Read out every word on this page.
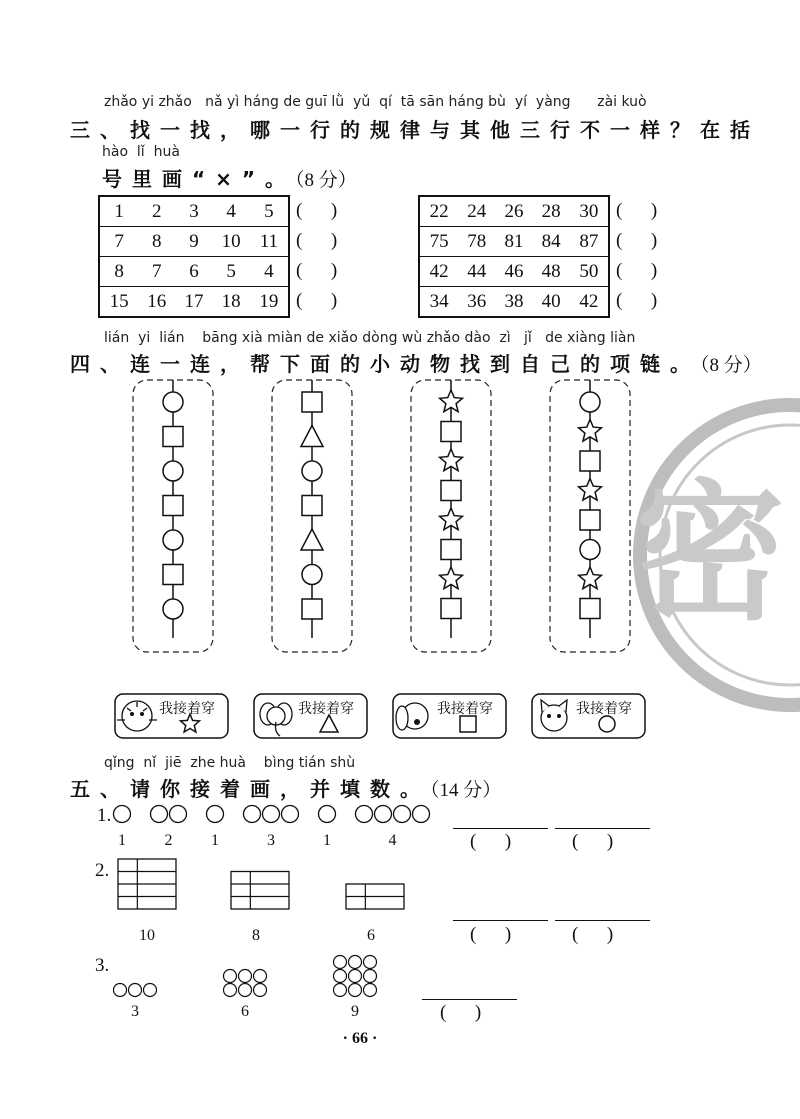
密
zhǎo yi zhǎo   nǎ yì háng de guī lǜ  yǔ  qí  tā sān háng bù  yí  yàng      zài kuò
三、找一找，哪一行的规律与其他三行不一样？在括
hào  lǐ  huà
号里画“×”。（8 分）
1	2	3	4	5
7	8	9	10	11
8	7	6	5	4
15	16	17	18	19
(      )
(      )
(      )
(      )
22	24	26	28	30
75	78	81	84	87
42	44	46	48	50
34	36	38	40	42
(      )
(      )
(      )
(      )
lián  yi  lián    bāng xià miàn de xiǎo dòng wù zhǎo dào  zì   jǐ   de xiàng liàn
四、连一连，帮下面的小动物找到自己的项链。（8 分）
qǐng  nǐ  jiē  zhe huà    bìng tián shù
五、请你接着画，并填数。（14 分）
1.
2.
3.
(      )	(      )
(      )	(      )
(      )
· 66 ·
我接着穿	我接着穿	我接着穿	我接着穿
1 2 1	3	1	4
10	8	6
3	6	9
